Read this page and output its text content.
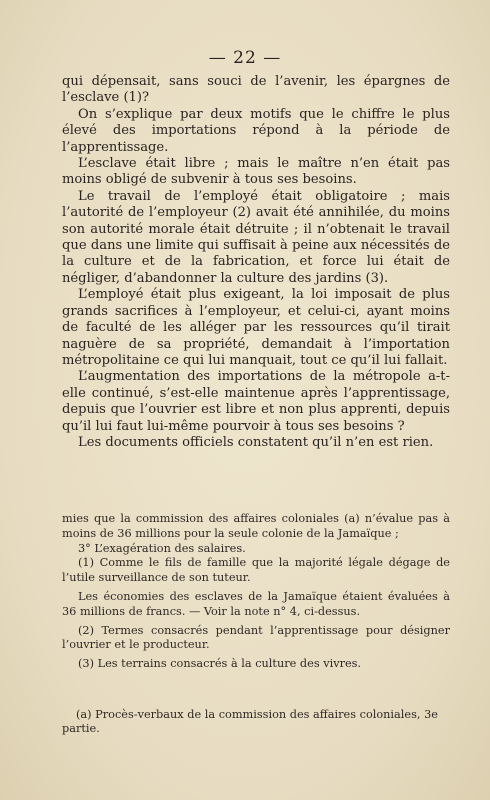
— 22 —

qui dépensait, sans souci de l’avenir, les épargnes de l’esclave (1)?

On s’explique par deux motifs que le chiffre le plus élevé des importations répond à la période de l’apprentissage.

L’esclave était libre ; mais le maître n’en était pas moins obligé de subvenir à tous ses besoins.

Le travail de l’employé était obligatoire ; mais l’autorité de l’employeur (2) avait été annihilée, du moins son autorité morale était détruite ; il n’obtenait le travail que dans une limite qui suffisait à peine aux nécessités de la culture et de la fabrication, et force lui était de négliger, d’abandonner la culture des jardins (3).

L’employé était plus exigeant, la loi imposait de plus grands sacrifices à l’employeur, et celui-ci, ayant moins de faculté de les alléger par les ressources qu’il tirait naguère de sa propriété, demandait à l’importation métropolitaine ce qui lui manquait, tout ce qu’il lui fallait.

L’augmentation des importations de la métropole a-t-elle continué, s’est-elle maintenue après l’apprentissage, depuis que l’ouvrier est libre et non plus apprenti, depuis qu’il lui faut lui-même pourvoir à tous ses besoins ?

Les documents officiels constatent qu’il n’en est rien.

mies que la commission des affaires coloniales (a) n’évalue pas à moins de 36 millions pour la seule colonie de la Jamaïque ;

3° L’exagération des salaires.

(1) Comme le fils de famille que la majorité légale dégage de l’utile surveillance de son tuteur.

Les économies des esclaves de la Jamaïque étaient évaluées à 36 millions de francs. — Voir la note n° 4, ci-dessus.

(2) Termes consacrés pendant l’apprentissage pour désigner l’ouvrier et le producteur.

(3) Les terrains consacrés à la culture des vivres.

(a) Procès-verbaux de la commission des affaires coloniales, 3e partie.
